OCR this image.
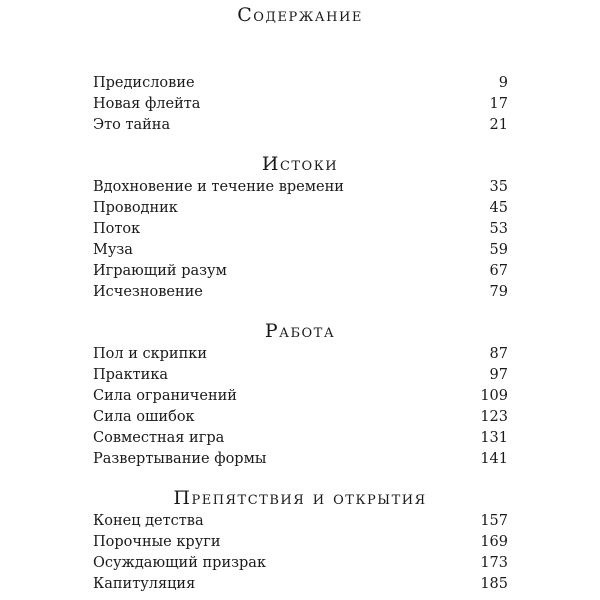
Содержание
Предисловие	9
Новая флейта	17
Это тайна	21
Истоки
Вдохновение и течение времени	35
Проводник	45
Поток	53
Муза	59
Играющий разум	67
Исчезновение	79
Работа
Пол и скрипки	87
Практика	97
Сила ограничений	109
Сила ошибок	123
Совместная игра	131
Развертывание формы	141
Препятствия и открытия
Конец детства	157
Порочные круги	169
Осуждающий призрак	173
Капитуляция	185
